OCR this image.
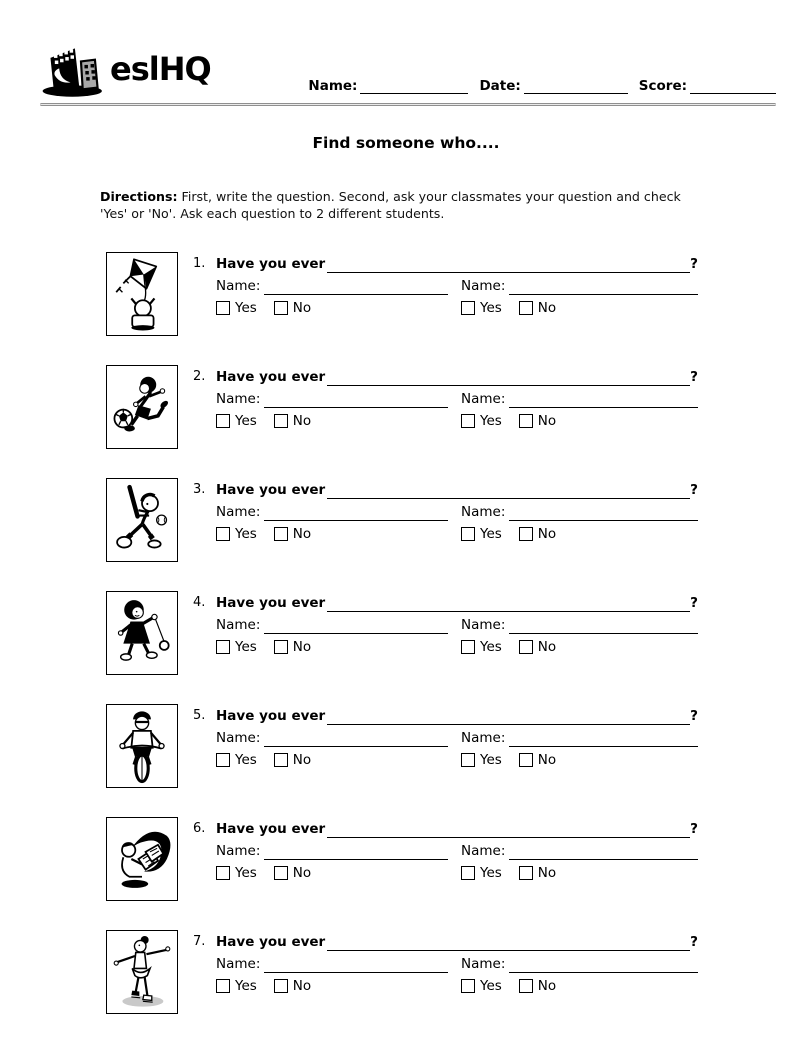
eslHQ	Name:	Date:	Score:
Find someone who....

Directions: First, write the question. Second, ask your classmates your question and check
'Yes' or 'No'. Ask each question to 2 different students.

1. Have you ever	?
Name:
Yes	No
Name:
Yes	No
2. Have you ever	?
Name:
Yes	No
Name:
Yes	No
3. Have you ever	?
Name:
Yes	No
Name:
Yes	No
4. Have you ever	?
Name:
Yes	No
Name:
Yes	No
5. Have you ever	?
Name:
Yes	No
Name:
Yes	No
6. Have you ever	?
Name:
Yes	No
Name:
Yes	No
7. Have you ever	?
Name:
Yes	No
Name:
Yes	No
